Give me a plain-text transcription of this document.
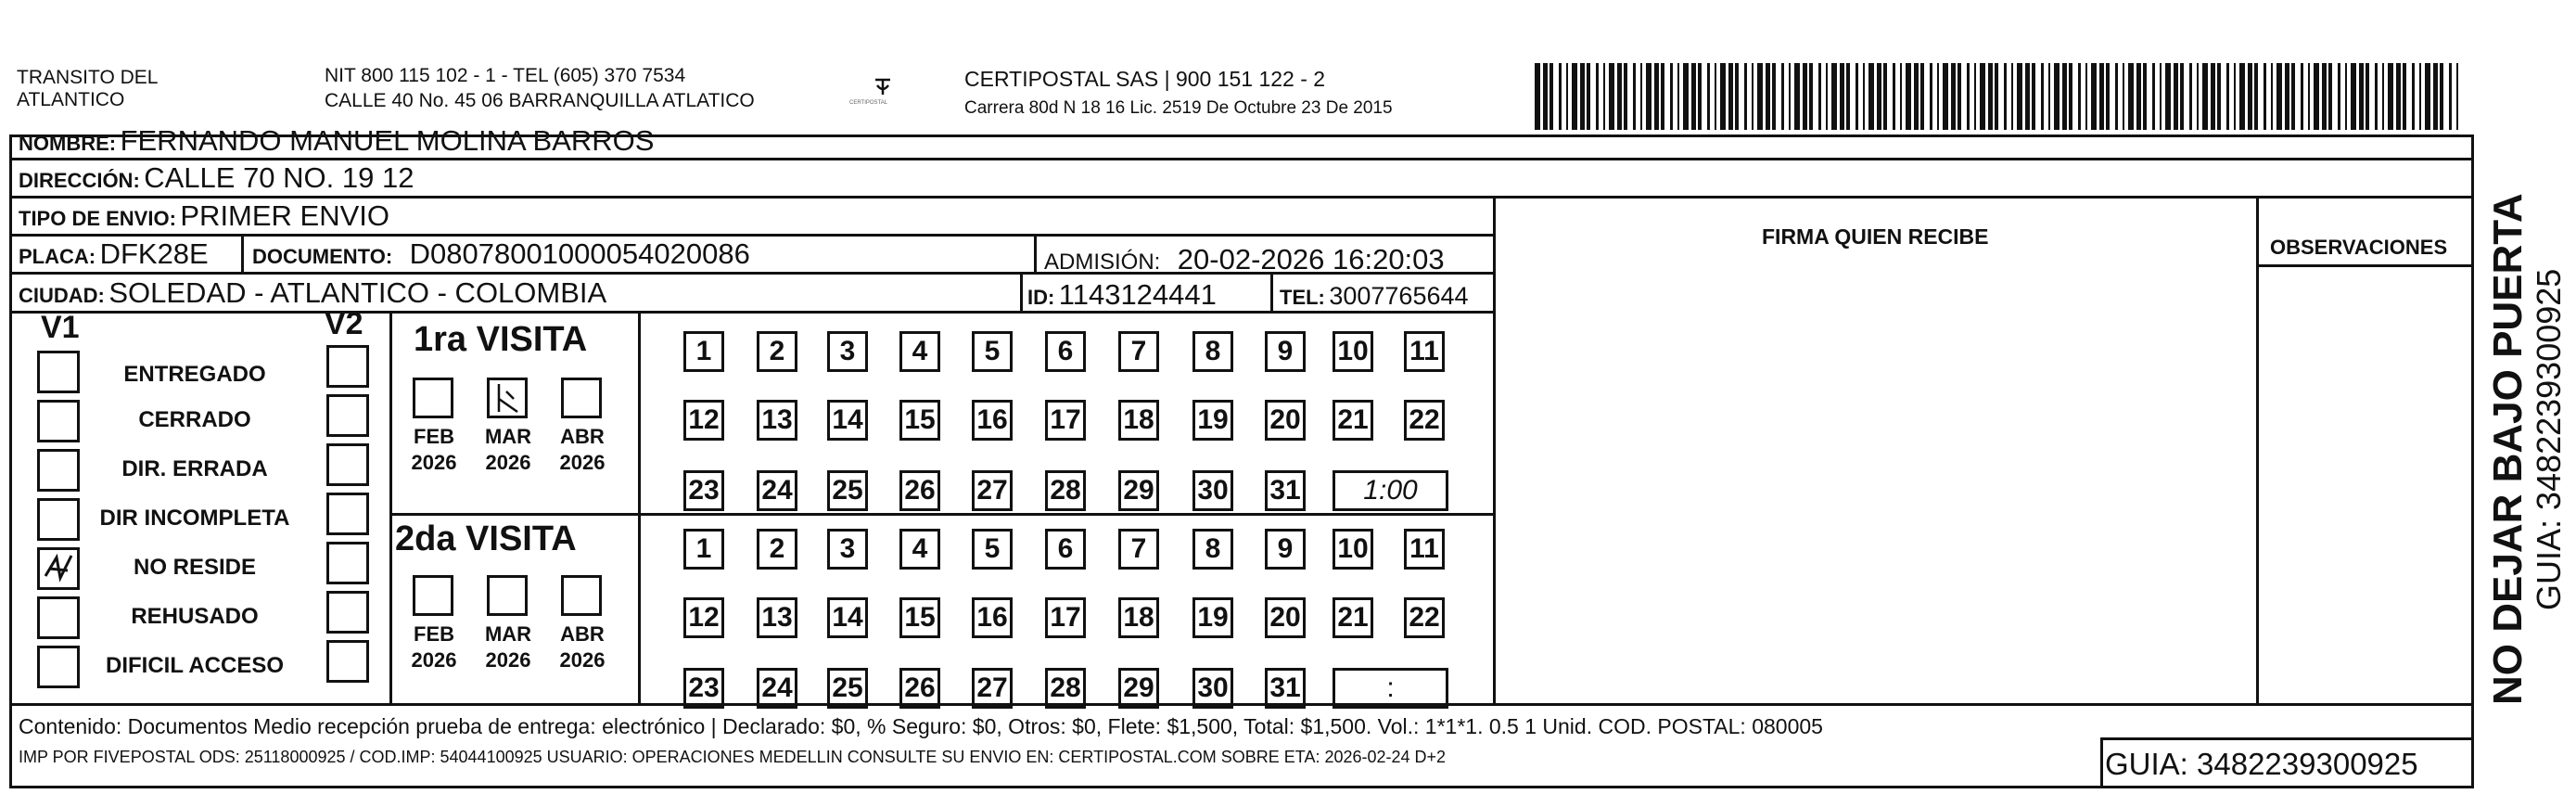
TRANSITO DEL
ATLANTICO
NIT 800 115 102 - 1 - TEL (605) 370 7534
CALLE 40 No. 45 06 BARRANQUILLA ATLATICO	CERTIPOSTAL
CERTIPOSTAL SAS | 900 151 122 - 2
Carrera 80d N 18 16 Lic. 2519 De Octubre 23 De 2015
NOMBRE: FERNANDO MANUEL MOLINA BARROS
DIRECCIÓN: CALLE 70 NO. 19 12
TIPO DE ENVIO: PRIMER ENVIO
PLACA: DFK28E DOCUMENTO: D08078001000054020086	ADMISIÓN: 20-02-2026 16:20:03
CIUDAD: SOLEDAD - ATLANTICO - COLOMBIA	ID: 1143124441	TEL: 3007765644
FIRMA QUIEN RECIBE	OBSERVACIONES
V1	V2
ENTREGADO
CERRADO
DIR. ERRADA
DIR INCOMPLETA
NO RESIDE
REHUSADO
DIFICIL ACCESO
1ra VISITA
2da VISITA
FEB
2026
MAR
2026
ABR
2026
1	2	3	4	5	6	7	8	9	10 11
12 13 14 15 16 17 18 19 20 21 22
23 24 25 26 27 28 29 30 31	1:00
FEB
2026
MAR
2026
ABR
2026
1	2	3	4	5	6	7	8	9	10 11
12 13 14 15 16 17 18 19 20 21 22
23 24 25 26 27 28 29 30 31	:
Contenido: Documentos Medio recepción prueba de entrega: electrónico | Declarado: $0, % Seguro: $0, Otros: $0, Flete: $1,500, Total: $1,500. Vol.: 1*1*1. 0.5 1 Unid. COD. POSTAL: 080005
IMP POR FIVEPOSTAL ODS: 25118000925 / COD.IMP: 54044100925 USUARIO: OPERACIONES MEDELLIN CONSULTE SU ENVIO EN: CERTIPOSTAL.COM SOBRE ETA: 2026-02-24 D+2	GUIA: 3482239300925
NO DEJAR BAJO PUERTA GUIA: 3482239300925
